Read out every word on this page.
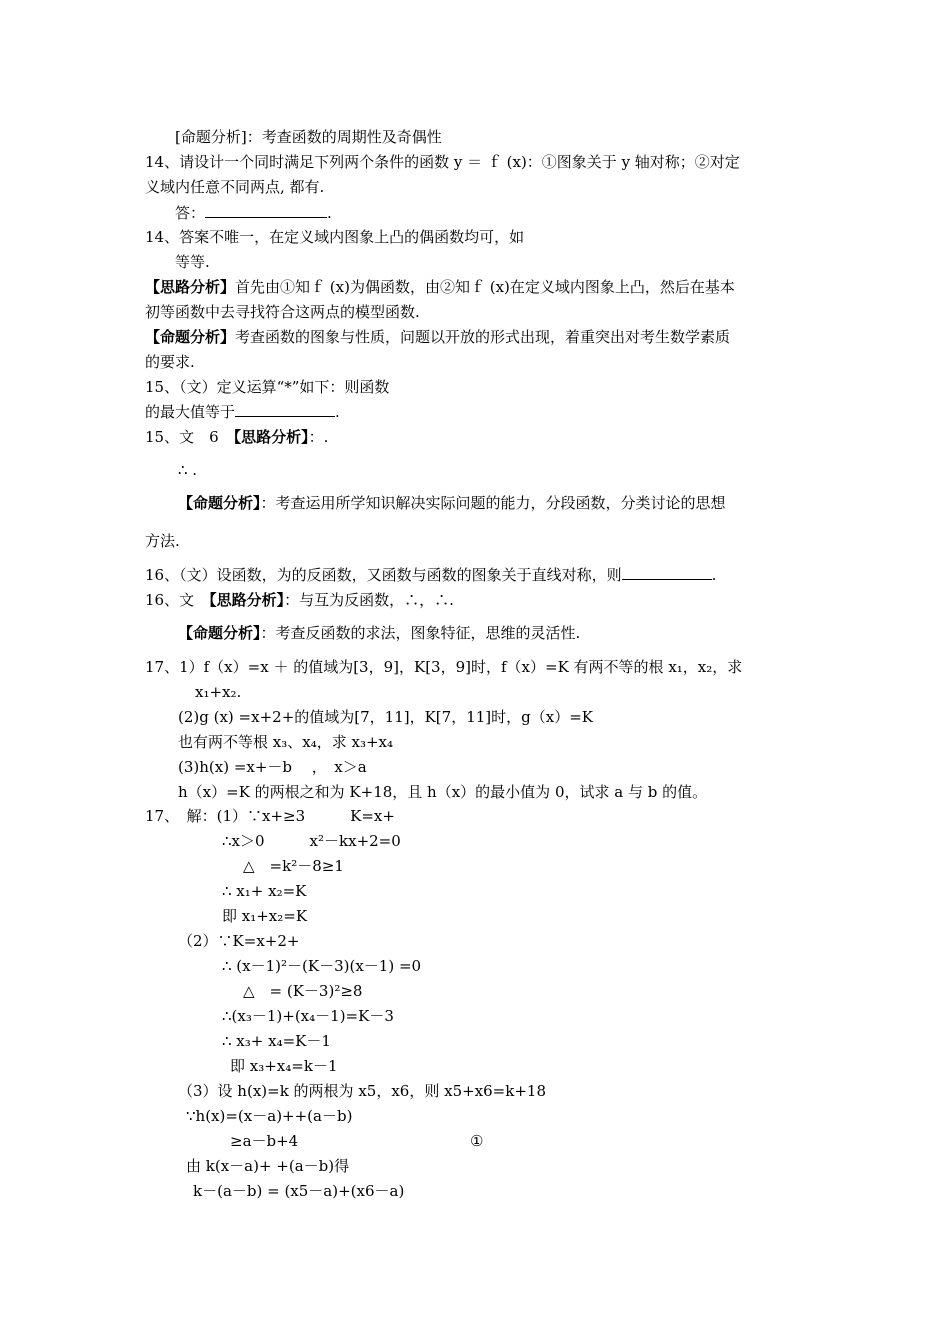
[命题分析]：考查函数的周期性及奇偶性
14、请设计一个同时满足下列两个条件的函数 y ＝ ｆ (x)：①图象关于 y 轴对称；②对定
义域内任意不同两点, 都有.
答：	.
14、答案不唯一，在定义域内图象上凸的偶函数均可，如
等等.
【思路分析】首先由①知ｆ (x)为偶函数，由②知ｆ (x)在定义域内图象上凸，然后在基本
初等函数中去寻找符合这两点的模型函数.
【命题分析】考查函数的图象与性质，问题以开放的形式出现，着重突出对考生数学素质
的要求.
15、（文）定义运算“*”如下：则函数
的最大值等于	.
15、文　6　【思路分析】：.
∴ .
【命题分析】：考查运用所学知识解决实际问题的能力，分段函数，分类讨论的思想
方法.
16、（文）设函数，为的反函数，又函数与函数的图象关于直线对称，则	.
16、文　【思路分析】：与互为反函数，∴，∴.
【命题分析】：考查反函数的求法，图象特征，思维的灵活性.
17、1）f（x）=x ＋ 的值域为[3，9]，K[3，9]时，f（x）=K 有两不等的根 x₁，x₂，求
x₁+x₂.
(2)g (x) =x+2+的值域为[7，11]，K[7，11]时，g（x）=K
也有两不等根 x₃、x₄，求 x₃+x₄
(3)h(x) =x+－b　 ，　x＞a
h（x）=K 的两根之和为 K+18，且 h（x）的最小值为 0，试求 a 与 b 的值。
17、　解：(1）∵x+≥3　　　K=x+
∴x＞0　　　x²－kx+2=0
△　=k²－8≥1
∴ x₁+ x₂=K
即 x₁+x₂=K
（2）∵K=x+2+
∴ (x－1)²－(K－3)(x－1) =0
△　= (K－3)²≥8
∴(x₃－1)+(x₄－1)=K－3
∴ x₃+ x₄=K－1
即 x₃+x₄=k－1
（3）设 h(x)=k 的两根为 x5，x6，则 x5+x6=k+18
∵h(x)=(x－a)++(a－b)
≥a－b+4	①
由 k(x－a)+ +(a－b)得
k－(a－b) = (x5－a)+(x6－a)
